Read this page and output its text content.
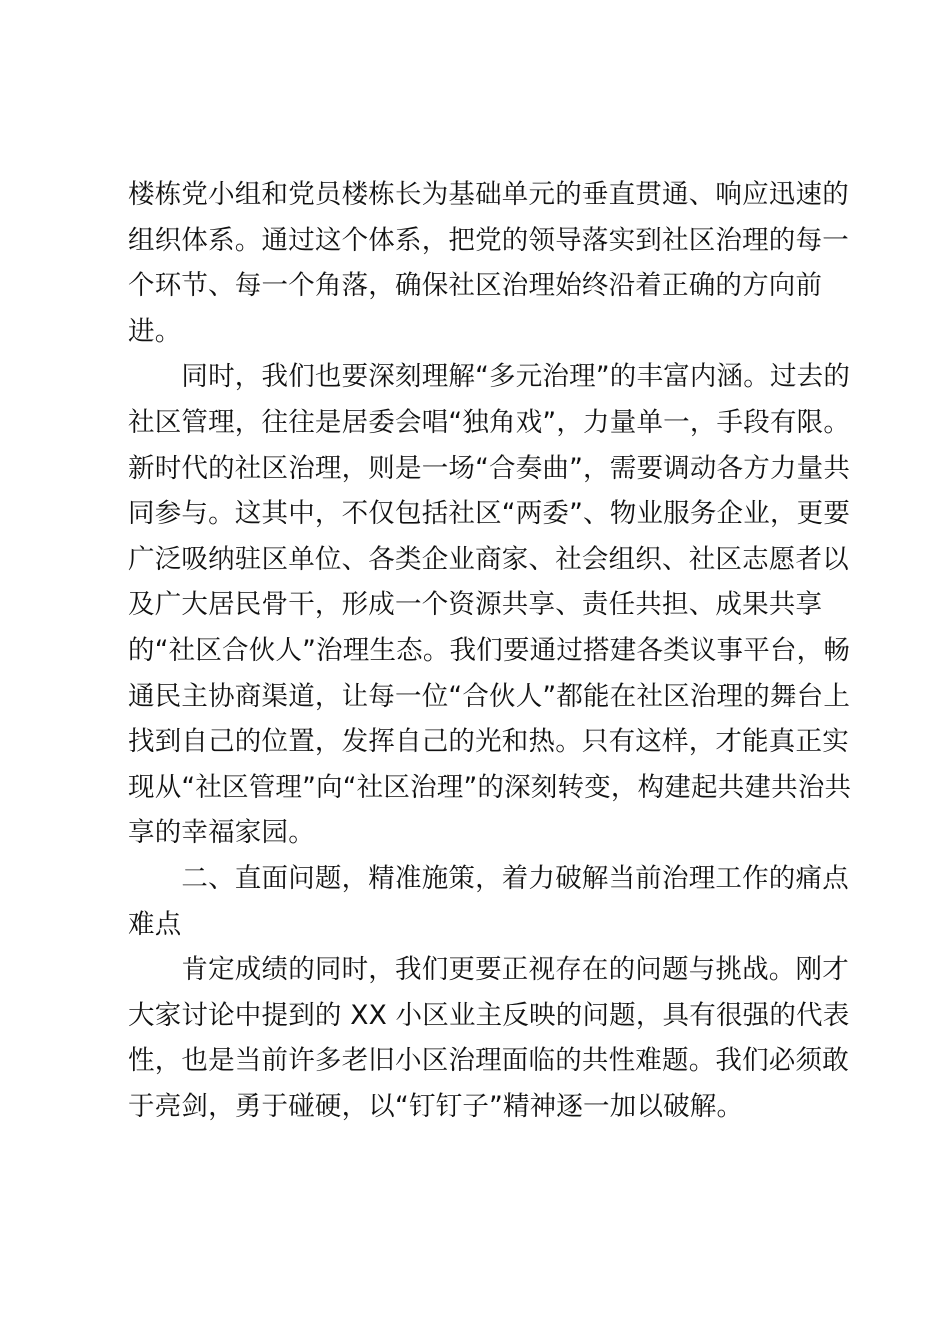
楼栋党小组和党员楼栋长为基础单元的垂直贯通、响应迅速的
组织体系。通过这个体系，把党的领导落实到社区治理的每一
个环节、每一个角落，确保社区治理始终沿着正确的方向前
进。
　　同时，我们也要深刻理解“多元治理”的丰富内涵。过去的
社区管理，往往是居委会唱“独角戏”，力量单一，手段有限。
新时代的社区治理，则是一场“合奏曲”，需要调动各方力量共
同参与。这其中，不仅包括社区“两委”、物业服务企业，更要
广泛吸纳驻区单位、各类企业商家、社会组织、社区志愿者以
及广大居民骨干，形成一个资源共享、责任共担、成果共享
的“社区合伙人”治理生态。我们要通过搭建各类议事平台，畅
通民主协商渠道，让每一位“合伙人”都能在社区治理的舞台上
找到自己的位置，发挥自己的光和热。只有这样，才能真正实
现从“社区管理”向“社区治理”的深刻转变，构建起共建共治共
享的幸福家园。
　　二、直面问题，精准施策，着力破解当前治理工作的痛点
难点
　　肯定成绩的同时，我们更要正视存在的问题与挑战。刚才
大家讨论中提到的 XX 小区业主反映的问题，具有很强的代表
性，也是当前许多老旧小区治理面临的共性难题。我们必须敢
于亮剑，勇于碰硬，以“钉钉子”精神逐一加以破解。
